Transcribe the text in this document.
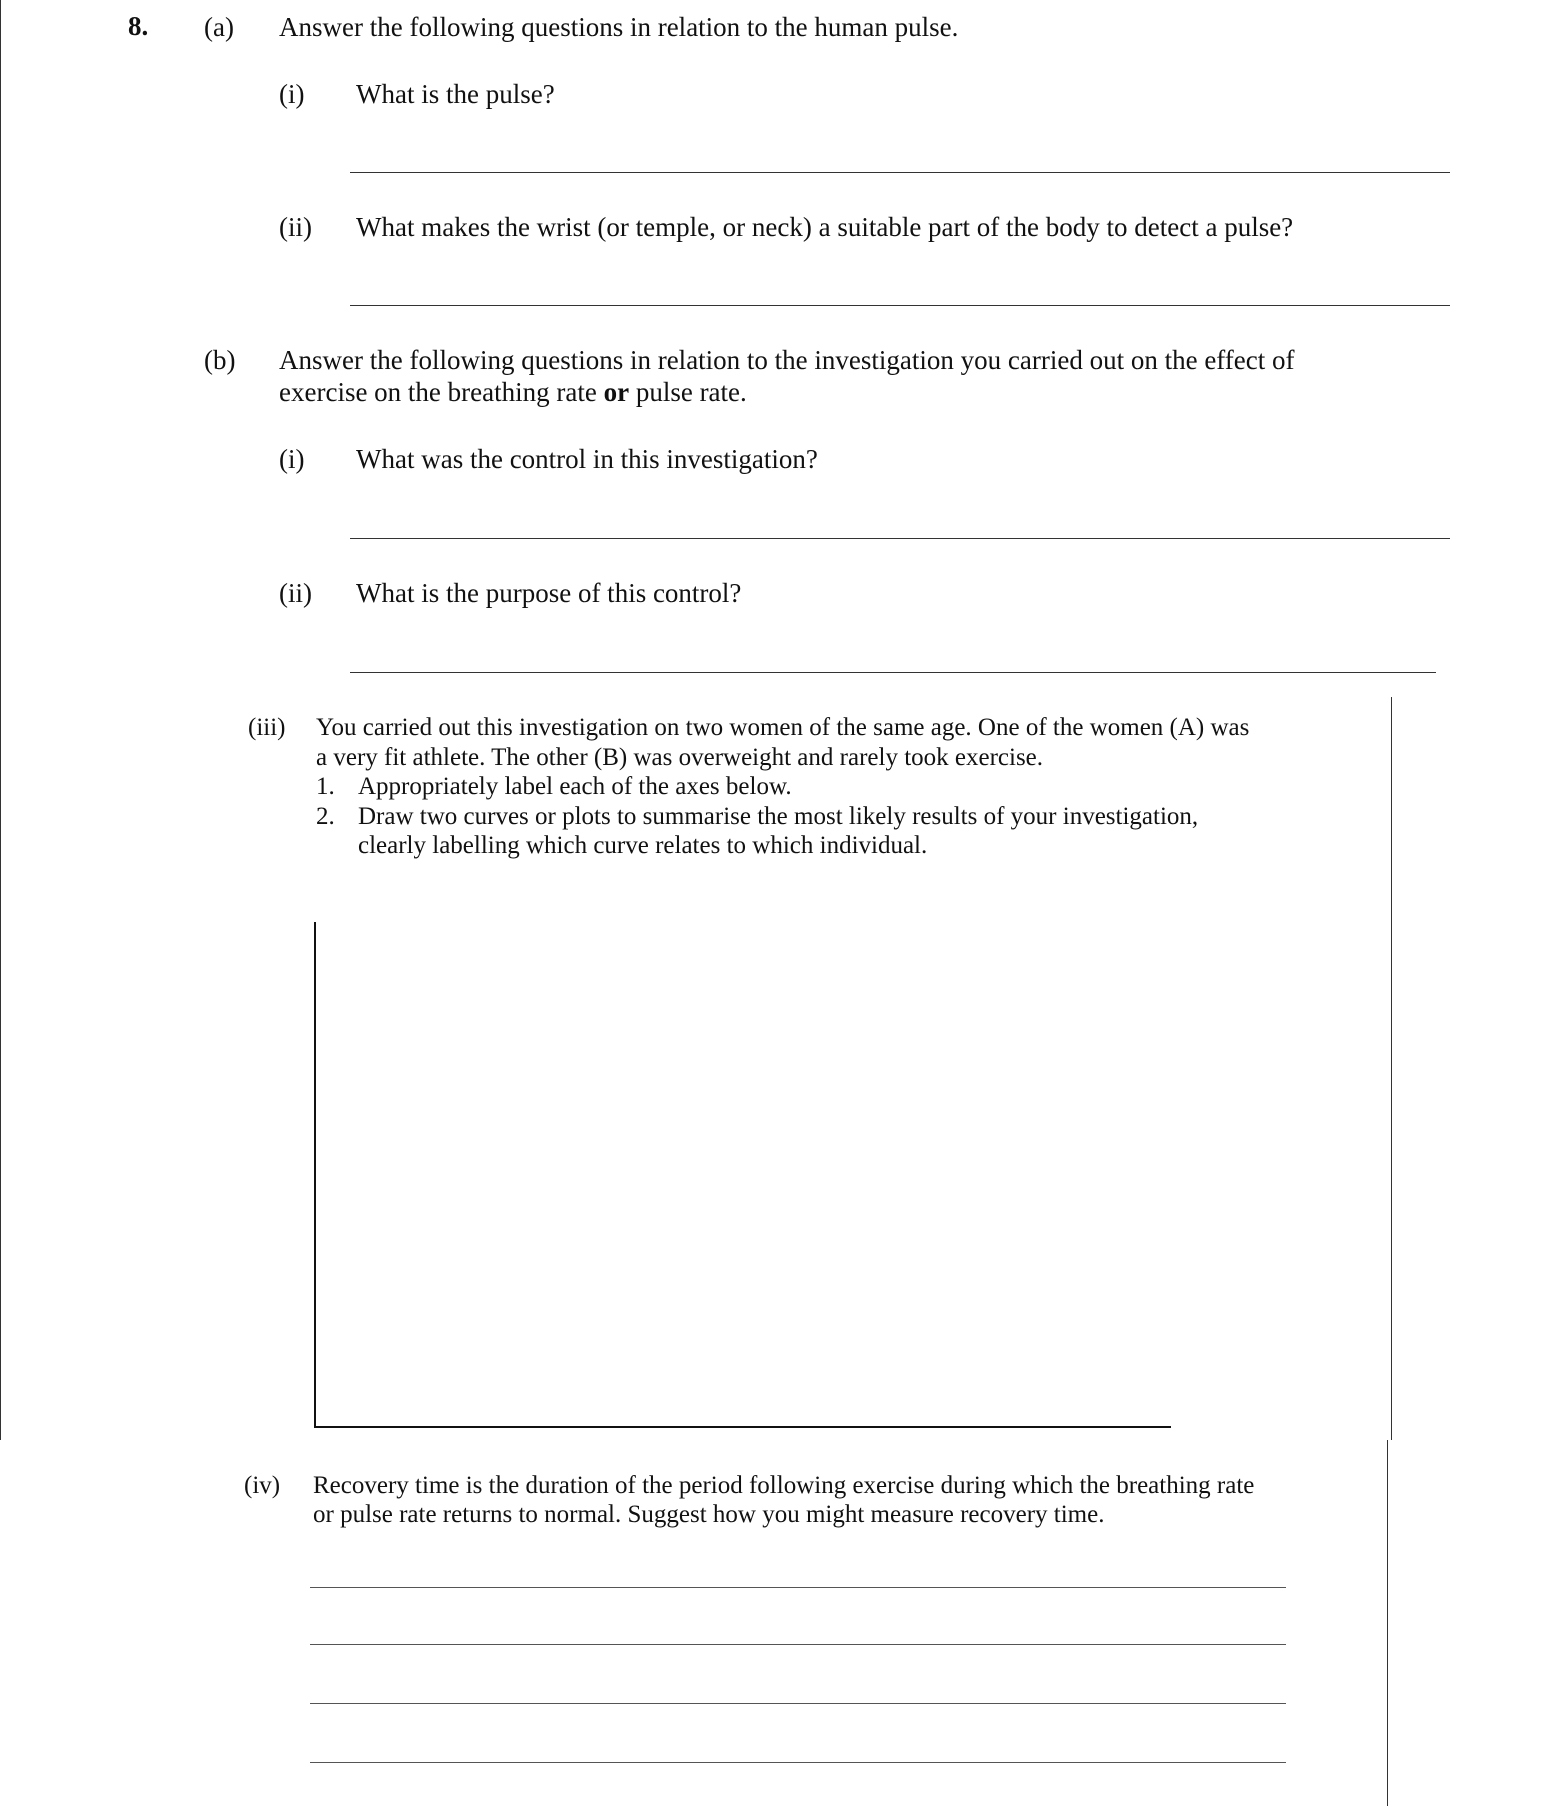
8. (a) Answer the following questions in relation to the human pulse.
(i) What is the pulse?
(ii) What makes the wrist (or temple, or neck) a suitable part of the body to detect a pulse?
(b) Answer the following questions in relation to the investigation you carried out on the effect of
exercise on the breathing rate or pulse rate.
(i) What was the control in this investigation?
(ii) What is the purpose of this control?
(iii) You carried out this investigation on two women of the same age. One of the women (A) was
a very fit athlete. The other (B) was overweight and rarely took exercise.
1. Appropriately label each of the axes below.
2. Draw two curves or plots to summarise the most likely results of your investigation,
clearly labelling which curve relates to which individual.
(iv) Recovery time is the duration of the period following exercise during which the breathing rate
or pulse rate returns to normal. Suggest how you might measure recovery time.
